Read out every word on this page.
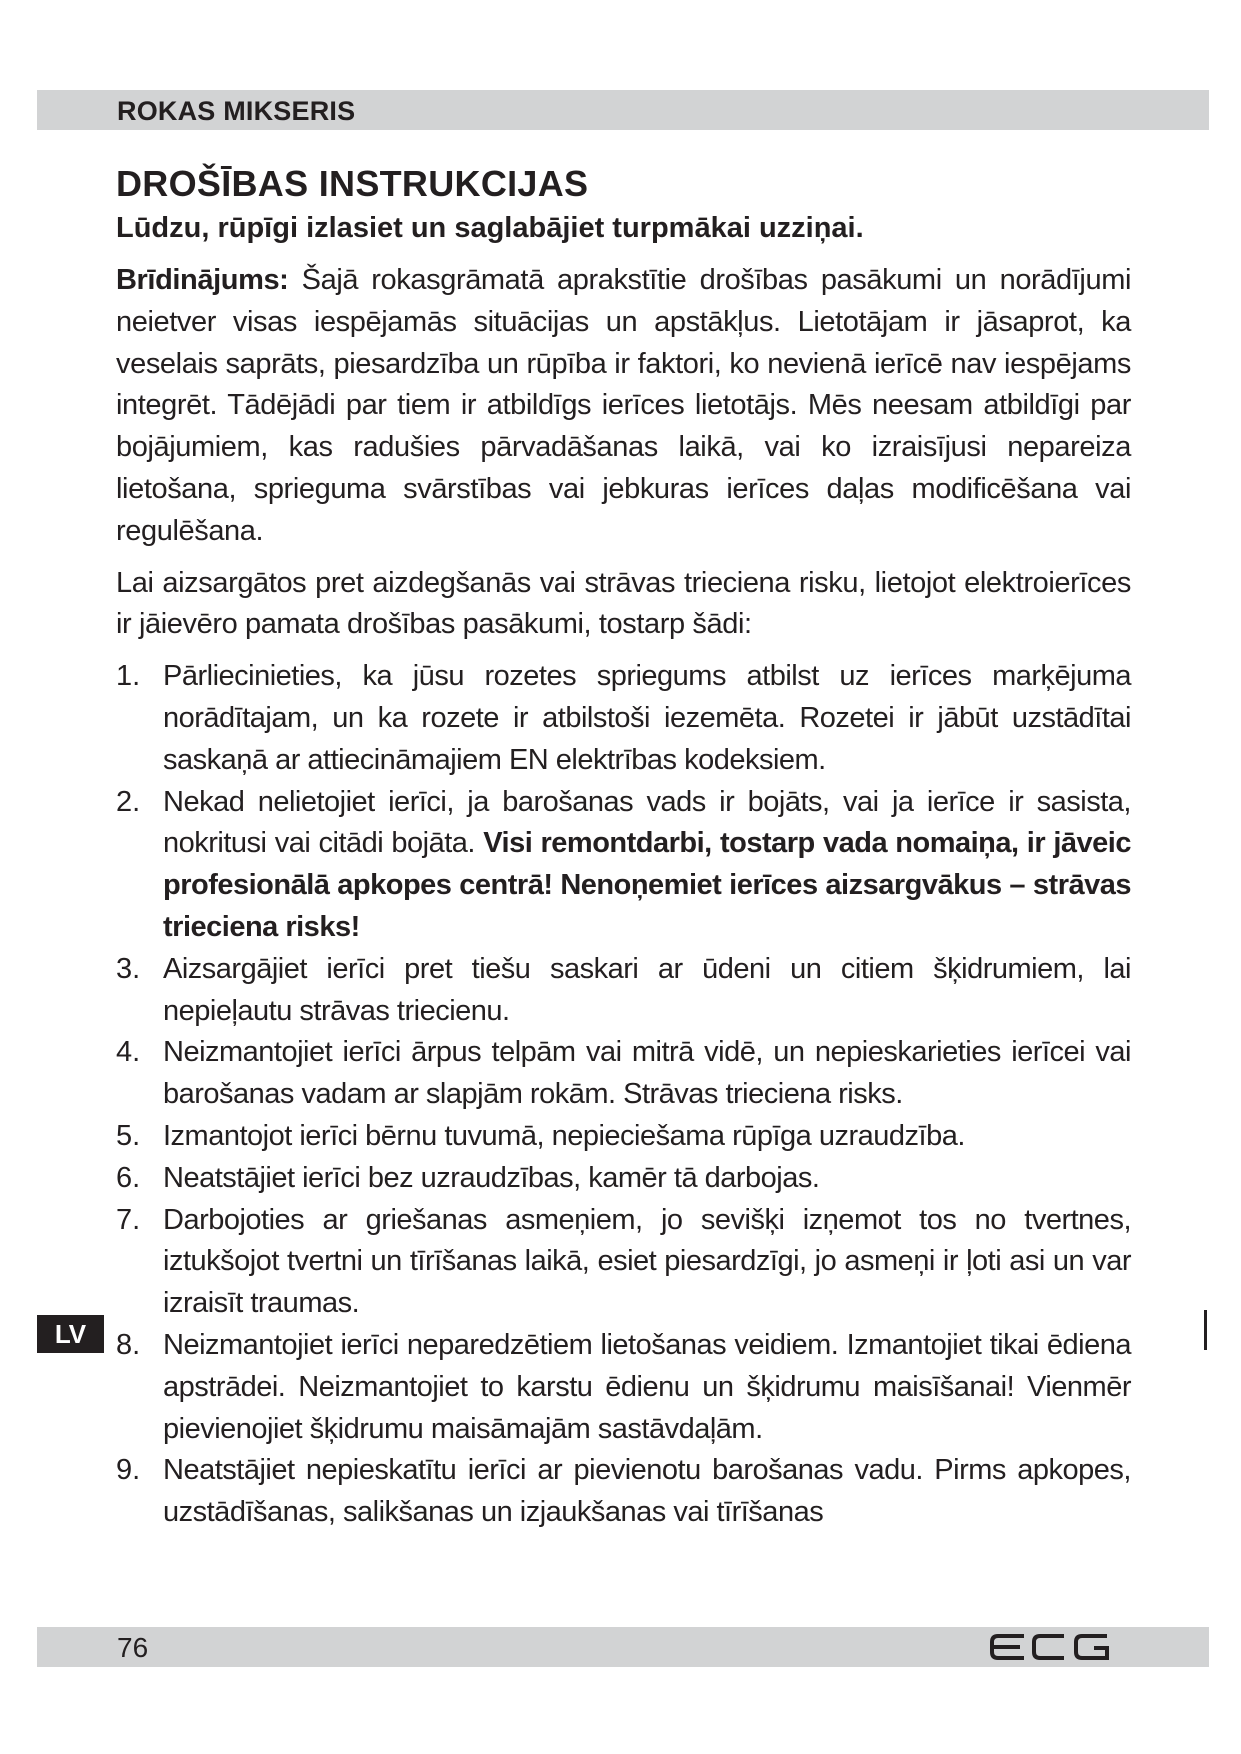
ROKAS MIKSERIS
DROŠĪBAS INSTRUKCIJAS
Lūdzu, rūpīgi izlasiet un saglabājiet turpmākai uzziņai.

Brīdinājums: Šajā rokasgrāmatā aprakstītie drošības pasākumi un norādījumi neietver visas iespējamās situācijas un apstākļus. Lietotājam ir jāsaprot, ka veselais saprāts, piesardzība un rūpība ir faktori, ko nevienā ierīcē nav iespējams integrēt. Tādējādi par tiem ir atbildīgs ierīces lietotājs. Mēs neesam atbildīgi par bojājumiem, kas radušies pārvadāšanas laikā, vai ko izraisījusi nepareiza lietošana, sprieguma svārstības vai jebkuras ierīces daļas modificēšana vai regulēšana.

Lai aizsargātos pret aizdegšanās vai strāvas trieciena risku, lietojot elektroierīces ir jāievēro pamata drošības pasākumi, tostarp šādi:

1. Pārliecinieties, ka jūsu rozetes spriegums atbilst uz ierīces marķējuma norādītajam, un ka rozete ir atbilstoši iezemēta. Rozetei ir jābūt uzstādītai saskaņā ar attiecināmajiem EN elektrības kodeksiem.
2. Nekad nelietojiet ierīci, ja barošanas vads ir bojāts, vai ja ierīce ir sasista, nokritusi vai citādi bojāta. Visi remontdarbi, tostarp vada nomaiņa, ir jāveic profesionālā apkopes centrā! Nenoņemiet ierīces aizsargvākus – strāvas trieciena risks!
3. Aizsargājiet ierīci pret tiešu saskari ar ūdeni un citiem šķidrumiem, lai nepieļautu strāvas triecienu.
4. Neizmantojiet ierīci ārpus telpām vai mitrā vidē, un nepieskarieties ierīcei vai barošanas vadam ar slapjām rokām. Strāvas trieciena risks.
5. Izmantojot ierīci bērnu tuvumā, nepieciešama rūpīga uzraudzība.
6. Neatstājiet ierīci bez uzraudzības, kamēr tā darbojas.
7. Darbojoties ar griešanas asmeņiem, jo sevišķi izņemot tos no tvertnes, iztukšojot tvertni un tīrīšanas laikā, esiet piesardzīgi, jo asmeņi ir ļoti asi un var izraisīt traumas.
8. Neizmantojiet ierīci neparedzētiem lietošanas veidiem. Izmantojiet tikai ēdiena apstrādei. Neizmantojiet to karstu ēdienu un šķidrumu maisīšanai! Vienmēr pievienojiet šķidrumu maisāmajām sastāvdaļām.
9. Neatstājiet nepieskatītu ierīci ar pievienotu barošanas vadu. Pirms apkopes, uzstādīšanas, salikšanas un izjaukšanas vai tīrīšanas
LV
76
